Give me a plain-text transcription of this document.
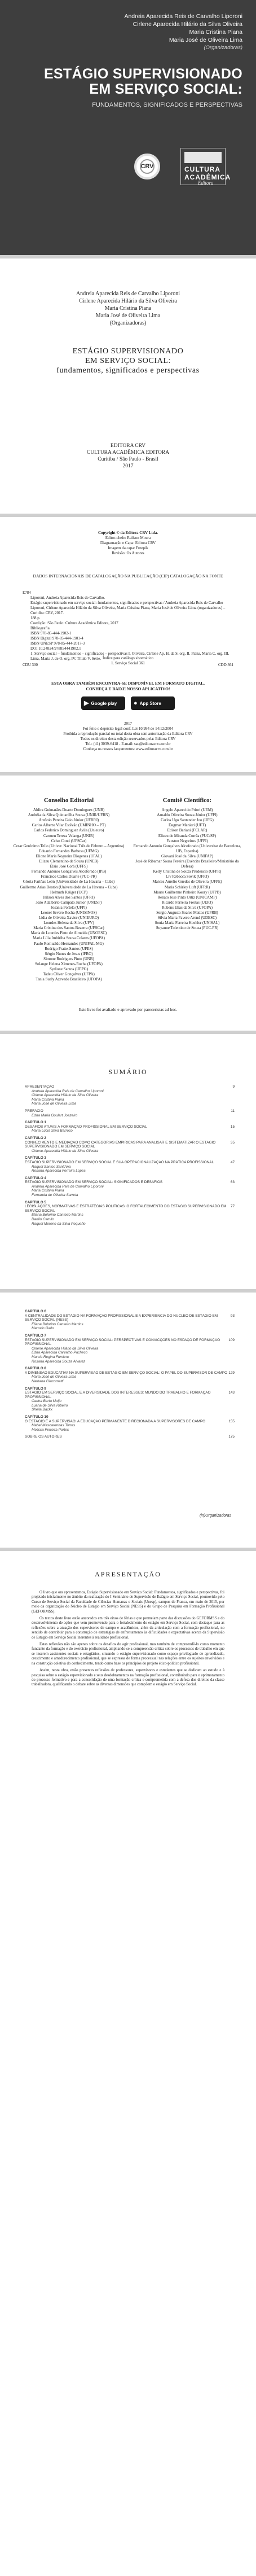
Andreia Aparecida Reis de Carvalho Liporoni
Cirlene Aparecida Hilário da Silva Oliveira
Maria Cristina Piana
Maria José de Oliveira Lima
(Organizadoras)
ESTÁGIO SUPERVISIONADO
EM SERVIÇO SOCIAL:
FUNDAMENTOS, SIGNIFICADOS E PERSPECTIVAS
CRV	CULTURA
ACADÊMICA
Editora
Andreia Aparecida Reis de Carvalho Liporoni
Cirlene Aparecida Hilário da Silva Oliveira
Maria Cristina Piana
Maria José de Oliveira Lima
(Organizadoras)
ESTÁGIO SUPERVISIONADO
EM SERVIÇO SOCIAL:
fundamentos, significados e perspectivas
EDITORA CRV
CULTURA ACADÊMICA EDITORA
Curitiba / São Paulo - Brasil
2017
Copyright © da Editora CRV Ltda.
Editor-chefe: Railson Moura
Diagramação e Capa: Editora CRV
Imagem da capa: Freepik
Revisão: Os Autores
DADOS INTERNACIONAIS DE CATALOGAÇÃO NA PUBLICAÇÃO (CIP) CATALOGAÇÃO NA FONTE
E784
Liporoni, Andreia Aparecida Reis de Carvalho.
Estágio supervisionado em serviço social: fundamentos, significados e perspectivas / Andreia Aparecida Reis de Carvalho Liporoni, Cirlene Aparecida Hilário da Silva Oliveira, Maria Cristina Piana, Maria José de Oliveira Lima (organizadoras) – Curitiba: CRV, 2017.
188 p.
Coedição: São Paulo: Cultura Acadêmica Editora, 2017
Bibliografia
ISBN 978-85-444-1902-1
ISBN Digital 978-85-444-1901-4
ISBN UNESP 978-85-444-2017-3
DOI 10.24824/978854441902.1
1. Serviço social – fundamentos – significados – perspectivas I. Oliveira, Cirlene Ap. H. da S. org. II. Piana, Maria C. org. III. Lima, Maria J. de O. org. IV. Título V. Série.
CDU 300	CDD 361
Índice para catálogo sistemático
1. Serviço Social 361
ESTA OBRA TAMBÉM ENCONTRA-SE DISPONÍVEL EM FORMATO DIGITAL.
CONHEÇA E BAIXE NOSSO APLICATIVO!
▶ Google play	● App Store
2017
Foi feito o depósito legal conf. Lei 10.994 de 14/12/2004
Proibida a reprodução parcial ou total desta obra sem autorização da Editora CRV
Todos os direitos desta edição reservados pela: Editora CRV
Tel.: (41) 3039-6418 - E-mail: sac@editoracrv.com.br
Conheça os nossos lançamentos: www.editoracrv.com.br
Conselho Editorial
Aldira Guimarães Duarte Domínguez (UNB)
Andréia da Silva Quintanilha Sousa (UNIR/UFRN)
Antônio Pereira Gaio Júnior (UFRRJ)
Carlos Alberto Vilar Estêvão (UMINHO – PT)
Carlos Federico Dominguez Avila (Unieuro)
Carmen Tereza Velanga (UNIR)
Celso Conti (UFSCar)
Cesar Gerónimo Tello (Univer. Nacional Três de Febrero – Argentina)
Eduardo Fernandes Barbosa (UFMG)
Elione Maria Nogueira Diogenes (UFAL)
Elizeu Clementino de Souza (UNEB)
Élsio José Corá (UFFS)
Fernando Antônio Gonçalves Alcoforado (IPB)
Francisco Carlos Duarte (PUC-PR)
Gloria Fariñas León (Universidade de La Havana – Cuba)
Guillermo Arias Beatón (Universidade de La Havana – Cuba)
Helmuth Krüger (UCP)
Jailson Alves dos Santos (UFRJ)
João Adalberto Campato Junior (UNESP)
Josania Portela (UFPI)
Leonel Severo Rocha (UNISINOS)
Lídia de Oliveira Xavier (UNIEURO)
Lourdes Helena da Silva (UFV)
Maria Cristina dos Santos Bezerra (UFSCar)
Maria de Lourdes Pinto de Almeida (UNOESC)
Maria Lília Imbiriba Sousa Colares (UFOPA)
Paulo Romualdo Hernandes (UNIFAL-MG)
Rodrigo Pratte-Santos (UFES)
Sérgio Nunes de Jesus (IFRO)
Simone Rodrigues Pinto (UNB)
Solange Helena Ximenes-Rocha (UFOPA)
Sydione Santos (UEPG)
Tadeu Oliver Gonçalves (UFPA)
Tania Suely Azevedo Brasileiro (UFOPA)
Comitê Científico:
Angelo Aparecido Priori (UEM)
Arnaldo Oliveira Souza Júnior (UFPI)
Carlos Ugo Santander Joo (UFG)
Dagmar Manieri (UFT)
Edison Bariani (FCLAR)
Elizeu de Miranda Corrêa (PUC/SP)
Fauston Negreiros (UFPI)
Fernando Antonio Gonçalves Alcoforado (Universitat de Barcelona, UB, Espanha)
Giovani José da Silva (UNIFAP)
José de Ribamar Sousa Pereira (Exército Brasileiro/Ministério da Defesa)
Kelly Cristina de Souza Prudencio (UFPR)
Liv Rebecca Sovik (UFRJ)
Marcos Aurelio Guedes de Oliveira (UFPE)
Maria Schirley Luft (UFRR)
Mauro Guilherme Pinheiro Koury (UFPB)
Renato Jose Pinto Ortiz (UNICAMP)
Ricardo Ferreira Freitas (UERJ)
Rubens Elias da Silva (UFOPA)
Sergio Augusto Soares Mattos (UFRB)
Silvia Maria Favero Arend (UDESC)
Sonia Maria Ferreira Koehler (UNISAL)
Suyanne Tolentino de Souza (PUC-PR)
Este livro foi avaliado e aprovado por pareceristas ad hoc.
SUMÁRIO
APRESENTAÇÃO	9
Andreia Aparecida Reis de Carvalho Liporoni
Cirlene Aparecida Hilário da Silva Oliveira
Maria Cristina Piana
Maria José de Oliveira Lima
PREFÁCIO	11
Edna Maria Goulart Joazeiro
CAPÍTULO 1
DESAFIOS ATUAIS À FORMAÇÃO PROFISSIONAL EM SERVIÇO SOCIAL	15
Maria Lúcia Silva Barroco
CAPÍTULO 2
CONHECIMENTO E MEDIAÇÃO COMO CATEGORIAS EMPÍRICAS PARA ANALISAR E SISTEMATIZAR O ESTÁGIO SUPERVISIONADO EM SERVIÇO SOCIAL
35
Cirlene Aparecida Hilário da Silva Oliveira
CAPÍTULO 3
ESTÁGIO SUPERVISIONADO EM SERVIÇO SOCIAL E SUA OPERACIONALIZAÇÃO NA PRÁTICA PROFISSIONAL	47
Raquel Santos Sant'Ana
Rosana Aparecida Ferreira Lopes
CAPÍTULO 4
ESTÁGIO SUPERVISIONADO EM SERVIÇO SOCIAL: SIGNIFICADOS E DESAFIOS	63
Andreia Aparecida Reis de Carvalho Liporoni
Maria Cristina Piana
Fernanda de Oliveira Sarreta
CAPÍTULO 5
LEGISLAÇÕES, NORMATIVAS E ESTRATÉGIAS POLÍTICAS: O FORTALECIMENTO DO ESTÁGIO SUPERVISIONADO EM SERVIÇO SOCIAL
77
Eliana Bolorino Canteiro Martins
Danilo Camilo
Raquel Moreno da Silva Pequeño
CAPÍTULO 6
A CENTRALIDADE DO ESTÁGIO NA FORMAÇÃO PROFISSIONAL E A EXPERIÊNCIA DO NÚCLEO DE ESTÁGIO EM SERVIÇO SOCIAL (NESS)
93
Eliana Bolorino Canteiro Martins
Marcelo Gallo
CAPÍTULO 7
ESTÁGIO SUPERVISIONADO EM SERVIÇO SOCIAL: PERSPECTIVAS E CONVICÇÕES NO ESPAÇO DE FORMAÇÃO PROFISSIONAL
109
Cirlene Aparecida Hilário da Silva Oliveira
Edna Aparecida Carvalho Pacheco
Marcia Regina Fumiere
Rosana Aparecida Souza Alvarez
CAPÍTULO 8
A DIMENSÃO EDUCATIVA NA SUPERVISÃO DE ESTÁGIO EM SERVIÇO SOCIAL: O PAPEL DO SUPERVISOR DE CAMPO 129
Maria José de Oliveira Lima
Nathana Giacometti
CAPÍTULO 9
ESTÁGIO EM SERVIÇO SOCIAL E A DIVERSIDADE DOS INTERESSES: MUNDO DO TRABALHO E FORMAÇÃO PROFISSIONAL
143
Carina Berta Moljo
Luana de Silva Ribeiro
Sheila Backx
CAPÍTULO 10
O ESTÁGIO E A SUPERVISÃO: A EDUCAÇÃO PERMANENTE DIRECIONADA A SUPERVISORES DE CAMPO	155
Mabel Mascarenhas Torres
Melissa Ferreira Portes
SOBRE OS AUTORES	175
(in)Organizadoras
APRESENTAÇÃO

O livro que ora apresentamos, Estágio Supervisionado em Serviço Social: Fundamentos, significados e perspectivas, foi projetado inicialmente no âmbito da realização do I Seminário de Supervisão de Estágio em Serviço Social, promovido pelo Curso de Serviço Social da Faculdade de Ciências Humanas e Sociais (Unesp), campus de Franca, em maio de 2015, por meio da organização do Núcleo de Estágio em Serviço Social (NESS) e do Grupo de Pesquisa em Formação Profissional (GEFORMSS).

Os textos deste livro estão ancorados em três eixos de férias e que permeiam parte das discussões do GEFORMSS e do desenvolvimento de ações que vem promovendo para o fortalecimento do estágio em Serviço Social, com destaque para as reflexões sobre a atuação dos supervisores de campo e acadêmicos, além da articulação com a formação profissional, no sentido de contribuir para a construção de estratégias de enfrentamento às dificuldades e expectativas acerca da Supervisão de Estágio em Serviço Social inerentes à realidade profissional.

Estas reflexões não são apenas sobre os desafios do agir profissional, mas também de compreendê-lo como momento fundante da formação e do exercício profissional, ampliando-se a compreensão crítica sobre os processos de trabalho em que se inserem assistentes sociais e estagiários, situando o estágio supervisionado como espaço privilegiado de aprendizado, crescimento e amadurecimento profissional, que se expressa de forma processual nas relações entre os sujeitos envolvidos e na construção coletiva do conhecimento, tendo como base os princípios do projeto ético-político profissional.

Assim, nesta obra, estão presentes reflexões de professores, supervisores e estudantes que se dedicam ao estudo e à pesquisa sobre o estágio supervisionado e seus desdobramentos na formação profissional, contribuindo para o aprimoramento do processo formativo e para a consolidação de uma formação crítica e comprometida com a defesa dos direitos da classe trabalhadora, qualificando o debate sobre as diversas dimensões que compõem o estágio em Serviço Social.
